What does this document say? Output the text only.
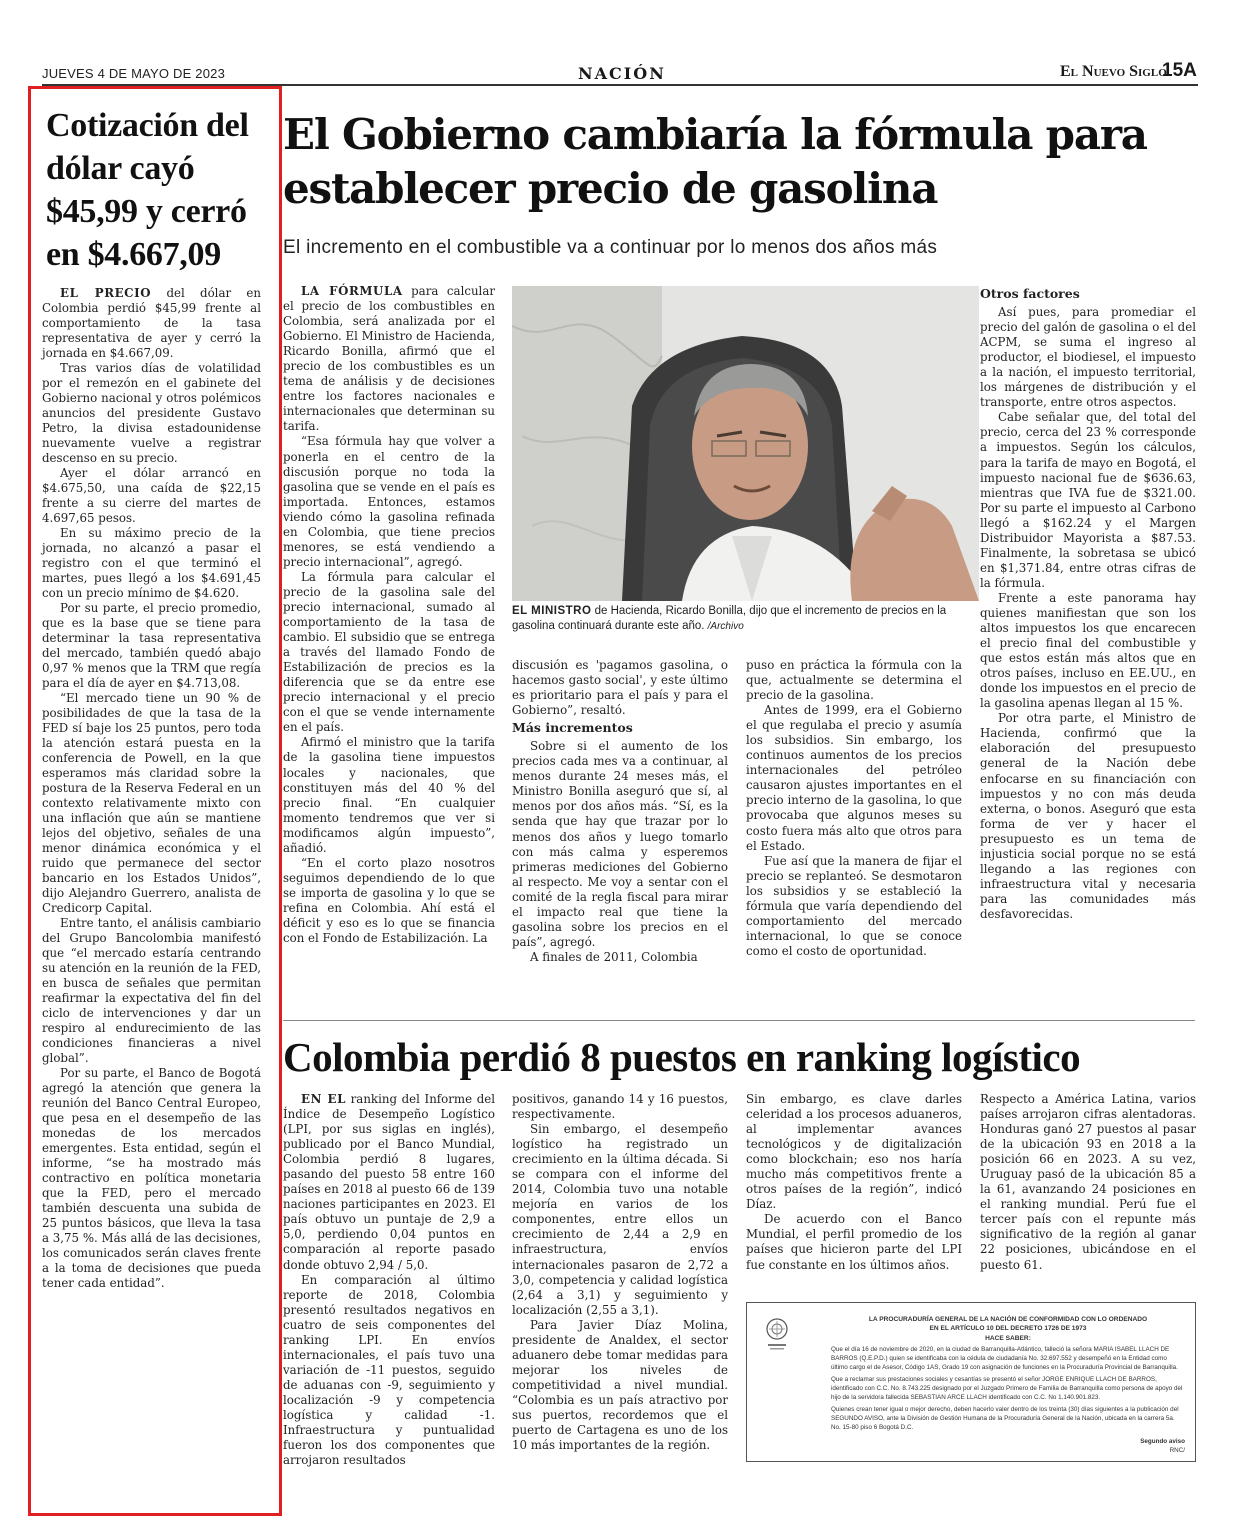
JUEVES 4 DE MAYO DE 2023	NACIÓN	El Nuevo Siglo
15A
Cotización del dólar cayó $45,99 y cerró en $4.667,09

EL PRECIO del dólar en Colombia perdió $45,99 frente al comportamiento de la tasa representativa de ayer y cerró la jornada en $4.667,09.

Tras varios días de volatilidad por el remezón en el gabinete del Gobierno nacional y otros polémicos anuncios del presidente Gustavo Petro, la divisa estadounidense nuevamente vuelve a registrar descenso en su precio.

Ayer el dólar arrancó en $4.675,50, una caída de $22,15 frente a su cierre del martes de 4.697,65 pesos.

En su máximo precio de la jornada, no alcanzó a pasar el registro con el que terminó el martes, pues llegó a los $4.691,45 con un precio mínimo de $4.620.

Por su parte, el precio promedio, que es la base que se tiene para determinar la tasa representativa del mercado, también quedó abajo 0,97 % menos que la TRM que regía para el día de ayer en $4.713,08.

“El mercado tiene un 90 % de posibilidades de que la tasa de la FED sí baje los 25 puntos, pero toda la atención estará puesta en la conferencia de Powell, en la que esperamos más claridad sobre la postura de la Reserva Federal en un contexto relativamente mixto con una inflación que aún se mantiene lejos del objetivo, señales de una menor dinámica económica y el ruido que permanece del sector bancario en los Estados Unidos”, dijo Alejandro Guerrero, analista de Credicorp Capital.

Entre tanto, el análisis cambiario del Grupo Bancolombia manifestó que “el mercado estaría centrando su atención en la reunión de la FED, en busca de señales que permitan reafirmar la expectativa del fin del ciclo de intervenciones y dar un respiro al endurecimiento de las condiciones financieras a nivel global”.

Por su parte, el Banco de Bogotá agregó la atención que genera la reunión del Banco Central Europeo, que pesa en el desempeño de las monedas de los mercados emergentes. Esta entidad, según el informe, “se ha mostrado más contractivo en política monetaria que la FED, pero el mercado también descuenta una subida de 25 puntos básicos, que lleva la tasa a 3,75 %. Más allá de las decisiones, los comunicados serán claves frente a la toma de decisiones que pueda tener cada entidad”.

El Gobierno cambiaría la fórmula para establecer precio de gasolina
El incremento en el combustible va a continuar por lo menos dos años más

LA FÓRMULA para calcular el precio de los combustibles en Colombia, será analizada por el Gobierno. El Ministro de Hacienda, Ricardo Bonilla, afirmó que el precio de los combustibles es un tema de análisis y de decisiones entre los factores nacionales e internacionales que determinan su tarifa.

“Esa fórmula hay que volver a ponerla en el centro de la discusión porque no toda la gasolina que se vende en el país es importada. Entonces, estamos viendo cómo la gasolina refinada en Colombia, que tiene precios menores, se está vendiendo a precio internacional”, agregó.

La fórmula para calcular el precio de la gasolina sale del precio internacional, sumado al comportamiento de la tasa de cambio. El subsidio que se entrega a través del llamado Fondo de Estabilización de precios es la diferencia que se da entre ese precio internacional y el precio con el que se vende internamente en el país.

Afirmó el ministro que la tarifa de la gasolina tiene impuestos locales y nacionales, que constituyen más del 40 % del precio final. “En cualquier momento tendremos que ver si modificamos algún impuesto”, añadió.

“En el corto plazo nosotros seguimos dependiendo de lo que se importa de gasolina y lo que se refina en Colombia. Ahí está el déficit y eso es lo que se financia con el Fondo de Estabilización. La

EL MINISTRO de Hacienda, Ricardo Bonilla, dijo que el incremento de precios en la gasolina continuará durante este año. /Archivo

discusión es 'pagamos gasolina, o hacemos gasto social', y este último es prioritario para el país y para el Gobierno”, resaltó.

Más incrementos

Sobre si el aumento de los precios cada mes va a continuar, al menos durante 24 meses más, el Ministro Bonilla aseguró que sí, al menos por dos años más. “Sí, es la senda que hay que trazar por lo menos dos años y luego tomarlo con más calma y esperemos primeras mediciones del Gobierno al respecto. Me voy a sentar con el comité de la regla fiscal para mirar el impacto real que tiene la gasolina sobre los precios en el país”, agregó.

A finales de 2011, Colombia

puso en práctica la fórmula con la que, actualmente se determina el precio de la gasolina.

Antes de 1999, era el Gobierno el que regulaba el precio y asumía los subsidios. Sin embargo, los continuos aumentos de los precios internacionales del petróleo causaron ajustes importantes en el precio interno de la gasolina, lo que provocaba que algunos meses su costo fuera más alto que otros para el Estado.

Fue así que la manera de fijar el precio se replanteó. Se desmotaron los subsidios y se estableció la fórmula que varía dependiendo del comportamiento del mercado internacional, lo que se conoce como el costo de oportunidad.

Otros factores

Así pues, para promediar el precio del galón de gasolina o el del ACPM, se suma el ingreso al productor, el biodiesel, el impuesto a la nación, el impuesto territorial, los márgenes de distribución y el transporte, entre otros aspectos.

Cabe señalar que, del total del precio, cerca del 23 % corresponde a impuestos. Según los cálculos, para la tarifa de mayo en Bogotá, el impuesto nacional fue de $636.63, mientras que IVA fue de $321.00. Por su parte el impuesto al Carbono llegó a $162.24 y el Margen Distribuidor Mayorista a $87.53. Finalmente, la sobretasa se ubicó en $1,371.84, entre otras cifras de la fórmula.

Frente a este panorama hay quienes manifiestan que son los altos impuestos los que encarecen el precio final del combustible y que estos están más altos que en otros países, incluso en EE.UU., en donde los impuestos en el precio de la gasolina apenas llegan al 15 %.

Por otra parte, el Ministro de Hacienda, confirmó que la elaboración del presupuesto general de la Nación debe enfocarse en su financiación con impuestos y no con más deuda externa, o bonos. Aseguró que esta forma de ver y hacer el presupuesto es un tema de injusticia social porque no se está llegando a las regiones con infraestructura vital y necesaria para las comunidades más desfavorecidas.

Colombia perdió 8 puestos en ranking logístico

EN EL ranking del Informe del Índice de Desempeño Logístico (LPI, por sus siglas en inglés), publicado por el Banco Mundial, Colombia perdió 8 lugares, pasando del puesto 58 entre 160 países en 2018 al puesto 66 de 139 naciones participantes en 2023. El país obtuvo un puntaje de 2,9 a 5,0, perdiendo 0,04 puntos en comparación al reporte pasado donde obtuvo 2,94 / 5,0.

En comparación al último reporte de 2018, Colombia presentó resultados negativos en cuatro de seis componentes del ranking LPI. En envíos internacionales, el país tuvo una variación de -11 puestos, seguido de aduanas con -9, seguimiento y localización -9 y competencia logística y calidad -1. Infraestructura y puntualidad fueron los dos componentes que arrojaron resultados

positivos, ganando 14 y 16 puestos, respectivamente.

Sin embargo, el desempeño logístico ha registrado un crecimiento en la última década. Si se compara con el informe del 2014, Colombia tuvo una notable mejoría en varios de los componentes, entre ellos un crecimiento de 2,44 a 2,9 en infraestructura, envíos internacionales pasaron de 2,72 a 3,0, competencia y calidad logística (2,64 a 3,1) y seguimiento y localización (2,55 a 3,1).

Para Javier Díaz Molina, presidente de Analdex, el sector aduanero debe tomar medidas para mejorar los niveles de competitividad a nivel mundial. “Colombia es un país atractivo por sus puertos, recordemos que el puerto de Cartagena es uno de los 10 más importantes de la región.

Sin embargo, es clave darles celeridad a los procesos aduaneros, al implementar avances tecnológicos y de digitalización como blockchain; eso nos haría mucho más competitivos frente a otros países de la región”, indicó Díaz.

De acuerdo con el Banco Mundial, el perfil promedio de los países que hicieron parte del LPI fue constante en los últimos años.

Respecto a América Latina, varios países arrojaron cifras alentadoras. Honduras ganó 27 puestos al pasar de la ubicación 93 en 2018 a la posición 66 en 2023. A su vez, Uruguay pasó de la ubicación 85 a la 61, avanzando 24 posiciones en el ranking mundial. Perú fue el tercer país con el repunte más significativo de la región al ganar 22 posiciones, ubicándose en el puesto 61.

LA PROCURADURÍA GENERAL DE LA NACIÓN DE CONFORMIDAD CON LO ORDENADO
EN EL ARTÍCULO 10 DEL DECRETO 1726 DE 1973
HACE SABER:

Que el día 16 de noviembre de 2020, en la ciudad de Barranquilla-Atlántico, falleció la señora MARIA ISABEL LLACH DE BARROS (Q.E.P.D.) quien se identificaba con la cédula de ciudadanía No. 32.697.552 y desempeñó en la Entidad como último cargo el de Asesor, Código 1AS, Grado 19 con asignación de funciones en la Procuraduría Provincial de Barranquilla.

Que a reclamar sus prestaciones sociales y cesantías se presentó el señor JORGE ENRIQUE LLACH DE BARROS, identificado con C.C. No. 8.743.225 designado por el Juzgado Primero de Familia de Barranquilla como persona de apoyo del hijo de la servidora fallecida SEBASTIAN ARCE LLACH identificado con C.C. No 1.140.901.823.

Quienes crean tener igual o mejor derecho, deben hacerlo valer dentro de los treinta (30) días siguientes a la publicación del SEGUNDO AVISO, ante la División de Gestión Humana de la Procuraduría General de la Nación, ubicada en la carrera 5a. No. 15-80 piso 6 Bogotá D.C.

Segundo aviso
RNC/
